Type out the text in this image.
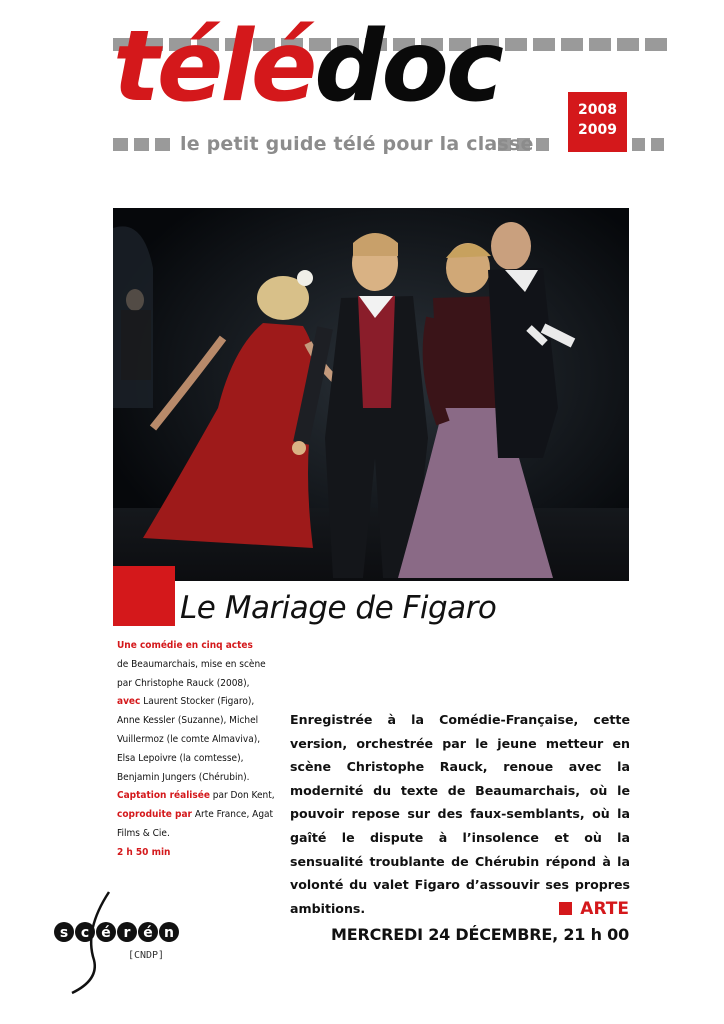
télédoc
le petit guide télé pour la classe
2008
2009
Le Mariage de Figaro
Une comédie en cinq actes
de Beaumarchais, mise en scène
par Christophe Rauck (2008),
avec Laurent Stocker (Figaro),
Anne Kessler (Suzanne), Michel
Vuillermoz (le comte Almaviva),
Elsa Lepoivre (la comtesse),
Benjamin Jungers (Chérubin).
Captation réalisée par Don Kent,
coproduite par Arte France, Agat
Films & Cie.
2 h 50 min
Enregistrée à la Comédie-Française, cette version, orchestrée par le jeune metteur en scène Christophe Rauck, renoue avec la modernité du texte de Beaumarchais, où le pouvoir repose sur des faux-semblants, où la gaîté le dispute à l’insolence et où la sensualité troublante de Chérubin répond à la volonté du valet Figaro d’assouvir ses propres ambitions.	ARTE
MERCREDI 24 DÉCEMBRE, 21 h 00
s c é r é n
[CNDP]
